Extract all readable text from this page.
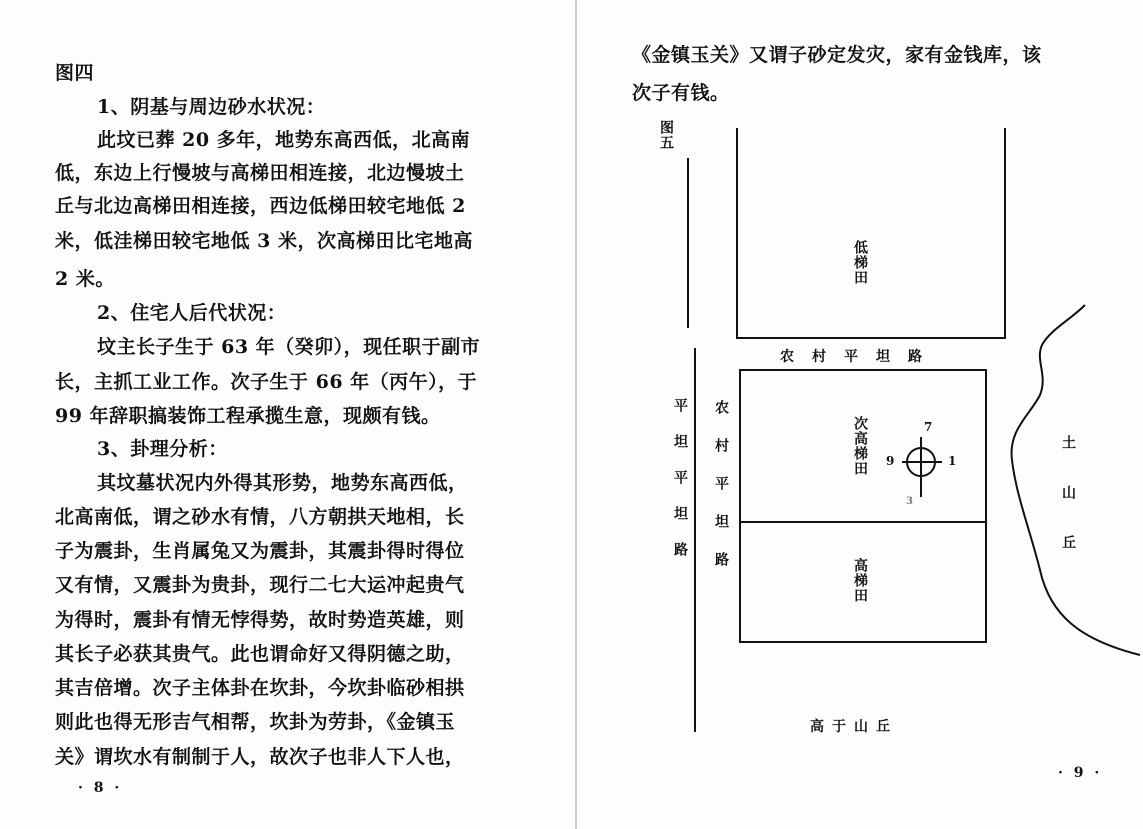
图四

1、阴基与周边砂水状况：

此坟已葬 20 多年，地势东高西低，北高南

低，东边上行慢坡与高梯田相连接，北边慢坡土

丘与北边高梯田相连接，西边低梯田较宅地低 2

米，低洼梯田较宅地低 3 米，次高梯田比宅地高

2 米。

2、住宅人后代状况：

坟主长子生于 63 年（癸卯），现任职于副市

长，主抓工业工作。次子生于 66 年（丙午），于

99 年辞职搞装饰工程承揽生意，现颇有钱。

3、卦理分析：

其坟墓状况内外得其形势，地势东高西低，

北高南低，谓之砂水有情，八方朝拱天地相，长

子为震卦，生肖属兔又为震卦，其震卦得时得位

又有情，又震卦为贵卦，现行二七大运冲起贵气

为得时，震卦有情无悖得势，故时势造英雄，则

其长子必获其贵气。此也谓命好又得阴德之助，

其吉倍增。次子主体卦在坎卦，今坎卦临砂相拱

则此也得无形吉气相帮，坎卦为劳卦，《金镇玉

关》谓坎水有制制于人，故次子也非人下人也，

· 8 ·

《金镇玉关》又谓子砂定发灾，家有金钱库，该

次子有钱。

图五
低梯田
次高梯田
高梯田
农村平坦路
平坦平坦路 农村平坦路	土山丘
高于山丘
7
9	1
3
· 9 ·
